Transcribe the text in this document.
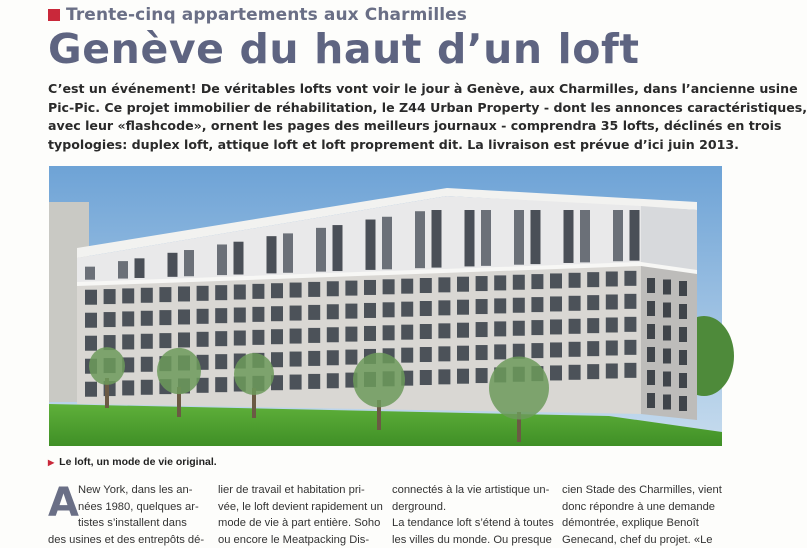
Trente-cinq appartements aux Charmilles
Genève du haut d’un loft
C’est un événement! De véritables lofts vont voir le jour à Genève, aux Charmilles, dans l’ancienne usine
Pic-Pic. Ce projet immobilier de réhabilitation, le Z44 Urban Property - dont les annonces caractéristiques,
avec leur «flashcode», ornent les pages des meilleurs journaux - comprendra 35 lofts, déclinés en trois
typologies: duplex loft, attique loft et loft proprement dit. La livraison est prévue d’ici juin 2013.
▶ Le loft, un mode de vie original.
A New York, dans les an-
nées 1980, quelques ar-
tistes s’installent dans
des usines et des entrepôts dé-
lier de travail et habitation pri-
vée, le loft devient rapidement un
mode de vie à part entière. Soho
ou encore le Meatpacking Dis-
connectés à la vie artistique un-
derground.
La tendance loft s’étend à toutes
les villes du monde. Ou presque
cien Stade des Charmilles, vient
donc répondre à une demande
démontrée, explique Benoît
Genecand, chef du projet. «Le
